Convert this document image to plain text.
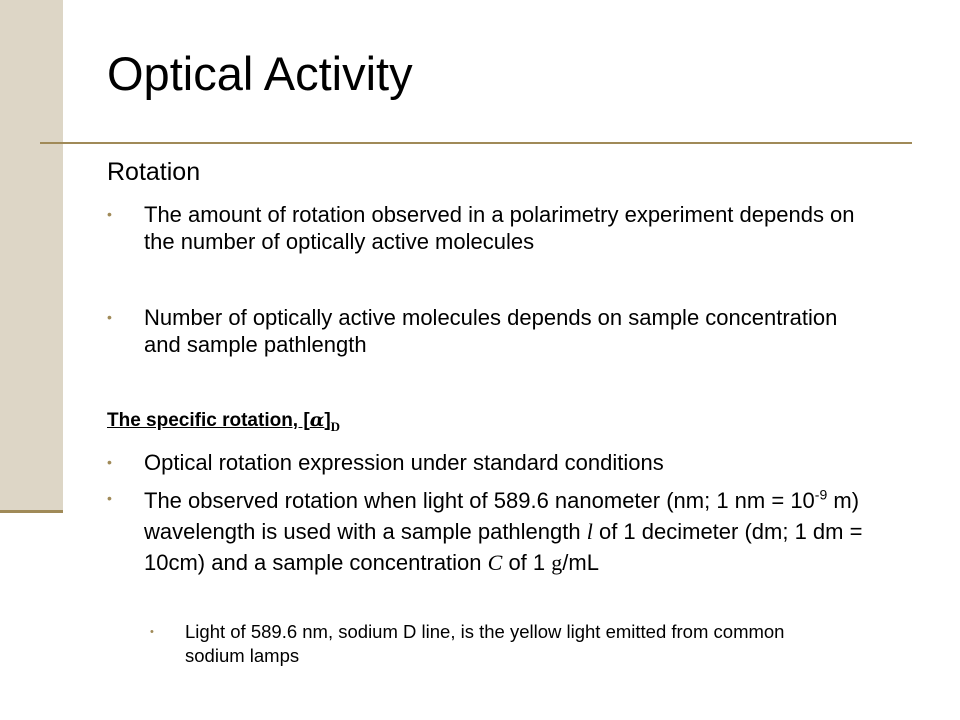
Optical Activity
Rotation
• The amount of rotation observed in a polarimetry experiment depends on the number of optically active molecules
• Number of optically active molecules depends on sample concentration and sample pathlength
The specific rotation, $[\alpha]_D$
• Optical rotation expression under standard conditions
• The observed rotation when light of 589.6 nanometer (nm; 1 nm = $10^{-9}$ m) wavelength is used with a sample pathlength l of 1 decimeter (dm; 1 dm = 10cm) and a sample concentration C of 1 g/mL
• Light of 589.6 nm, sodium D line, is the yellow light emitted from common sodium lamps
